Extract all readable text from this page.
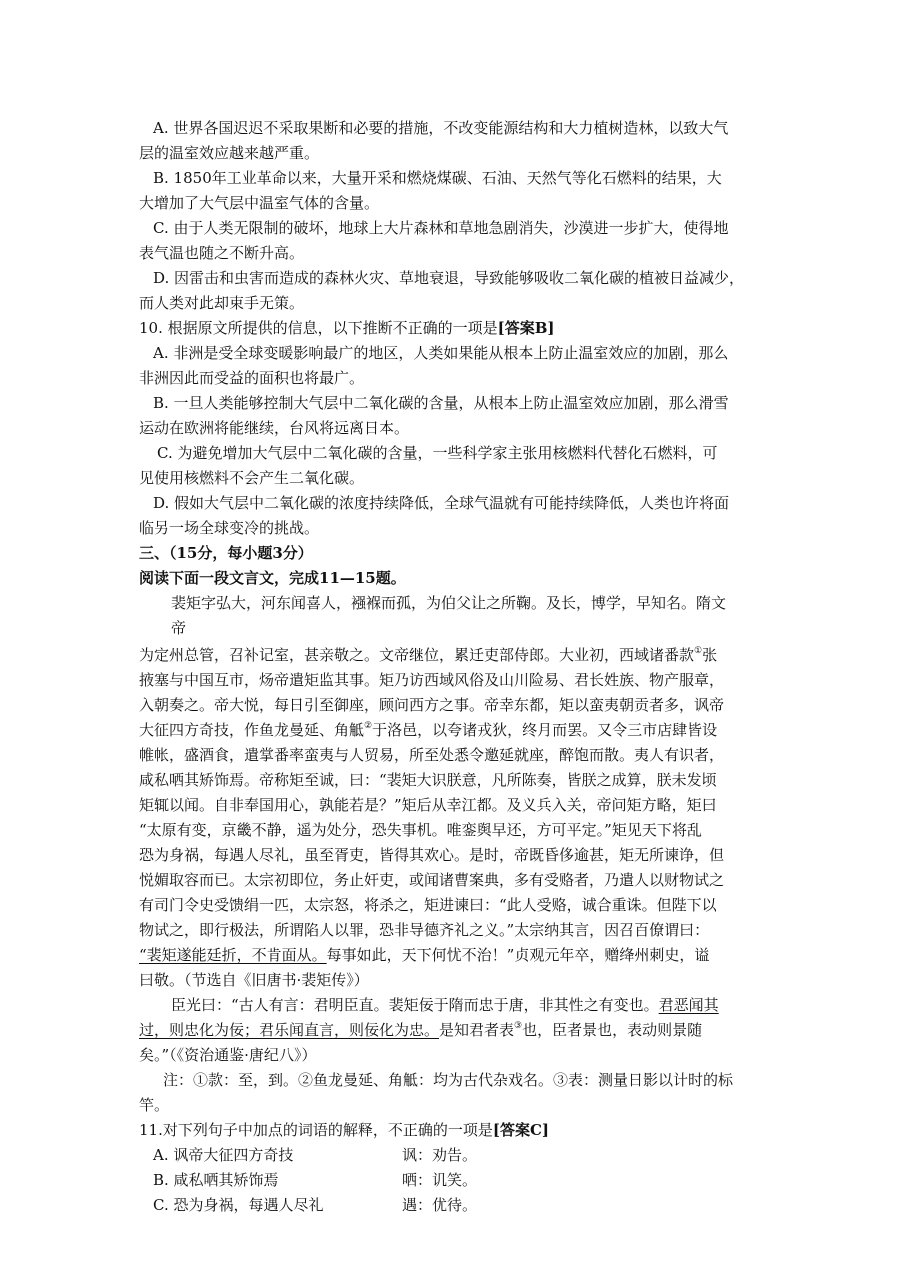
A. 世界各国迟迟不采取果断和必要的措施，不改变能源结构和大力植树造林，以致大气
层的温室效应越来越严重。
B. 1850年工业革命以来，大量开采和燃烧煤碳、石油、天然气等化石燃料的结果，大
大增加了大气层中温室气体的含量。
C. 由于人类无限制的破坏，地球上大片森林和草地急剧消失，沙漠进一步扩大，使得地
表气温也随之不断升高。
D. 因雷击和虫害而造成的森林火灾、草地衰退，导致能够吸收二氧化碳的植被日益减少，
而人类对此却束手无策。
10. 根据原文所提供的信息，以下推断不正确的一项是[答案B]
A. 非洲是受全球变暖影响最广的地区，人类如果能从根本上防止温室效应的加剧，那么
非洲因此而受益的面积也将最广。
B. 一旦人类能够控制大气层中二氧化碳的含量，从根本上防止温室效应加剧，那么滑雪
运动在欧洲将能继续，台风将远离日本。
C. 为避免增加大气层中二氧化碳的含量，一些科学家主张用核燃料代替化石燃料，可
见使用核燃料不会产生二氧化碳。
D. 假如大气层中二氧化碳的浓度持续降低，全球气温就有可能持续降低，人类也许将面
临另一场全球变冷的挑战。
三、（15分，每小题3分）
阅读下面一段文言文，完成11—15题。
裴矩字弘大，河东闻喜人，襁褓而孤，为伯父让之所鞠。及长，博学，早知名。隋文
帝
为定州总管，召补记室，甚亲敬之。文帝继位，累迁吏部侍郎。大业初，西域诸番款①张
掖塞与中国互市，炀帝遣矩监其事。矩乃访西域风俗及山川险易、君长姓族、物产服章，
入朝奏之。帝大悦，每日引至御座，顾问西方之事。帝幸东都，矩以蛮夷朝贡者多，讽帝
大征四方奇技，作鱼龙曼延、角觝②于洛邑，以夸诸戎狄，终月而罢。又令三市店肆皆设
帷帐，盛酒食，遣掌番率蛮夷与人贸易，所至处悉令邀延就座，醉饱而散。夷人有识者，
咸私哂其矫饰焉。帝称矩至诚，曰：“裴矩大识朕意，凡所陈奏，皆朕之成算，朕未发顷
矩辄以闻。自非奉国用心，孰能若是？”矩后从幸江都。及义兵入关，帝问矩方略，矩曰
“太原有变，京畿不静，遥为处分，恐失事机。唯銮舆早还，方可平定。”矩见天下将乱
恐为身祸，每遇人尽礼，虽至胥吏，皆得其欢心。是时，帝既昏侈逾甚，矩无所谏诤，但
悦媚取容而已。太宗初即位，务止奸吏，或闻诸曹案典，多有受赂者，乃遣人以财物试之
有司门令史受馈绢一匹，太宗怒，将杀之，矩进谏曰：“此人受赂，诚合重诛。但陛下以
物试之，即行极法，所谓陷人以罪，恐非导德齐礼之义。”太宗纳其言，因召百僚谓曰：
“裴矩遂能廷折，不肯面从。每事如此，天下何忧不治！”贞观元年卒，赠绛州刺史，谥
曰敬。（节选自《旧唐书·裴矩传》）
臣光曰：“古人有言：君明臣直。裴矩佞于隋而忠于唐，非其性之有变也。君恶闻其
过，则忠化为佞；君乐闻直言，则佞化为忠。是知君者表③也，臣者景也，表动则景随
矣。”（《资治通鉴·唐纪八》）
注：①款：至，到。②鱼龙曼延、角觝：均为古代杂戏名。③表：测量日影以计时的标
竿。
11.对下列句子中加点的词语的解释，不正确的一项是[答案C]
A. 讽帝大征四方奇技	讽：劝告。
B. 咸私哂其矫饰焉	哂：讥笑。
C. 恐为身祸，每遇人尽礼	遇：优待。
